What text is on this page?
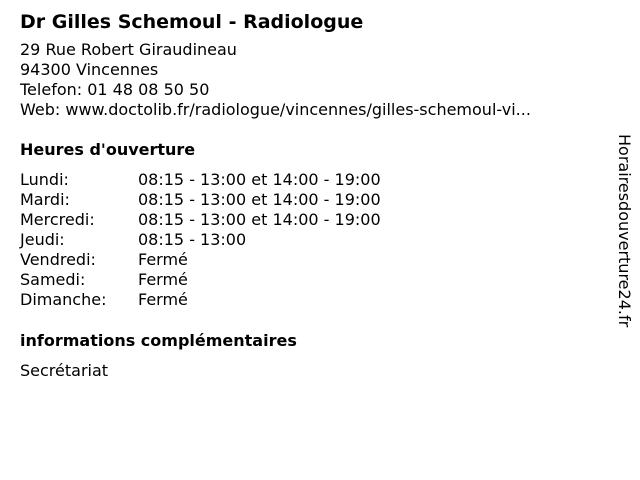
Dr Gilles Schemoul - Radiologue
29 Rue Robert Giraudineau
94300 Vincennes
Telefon: 01 48 08 50 50
Web: www.doctolib.fr/radiologue/vincennes/gilles-schemoul-vi...
Heures d'ouverture
Lundi:	08:15 - 13:00 et 14:00 - 19:00
Mardi:	08:15 - 13:00 et 14:00 - 19:00
Mercredi:	08:15 - 13:00 et 14:00 - 19:00
Jeudi:	08:15 - 13:00
Vendredi:	Fermé
Samedi:	Fermé
Dimanche:	Fermé
informations complémentaires
Secrétariat
Horairesdouverture24.fr
